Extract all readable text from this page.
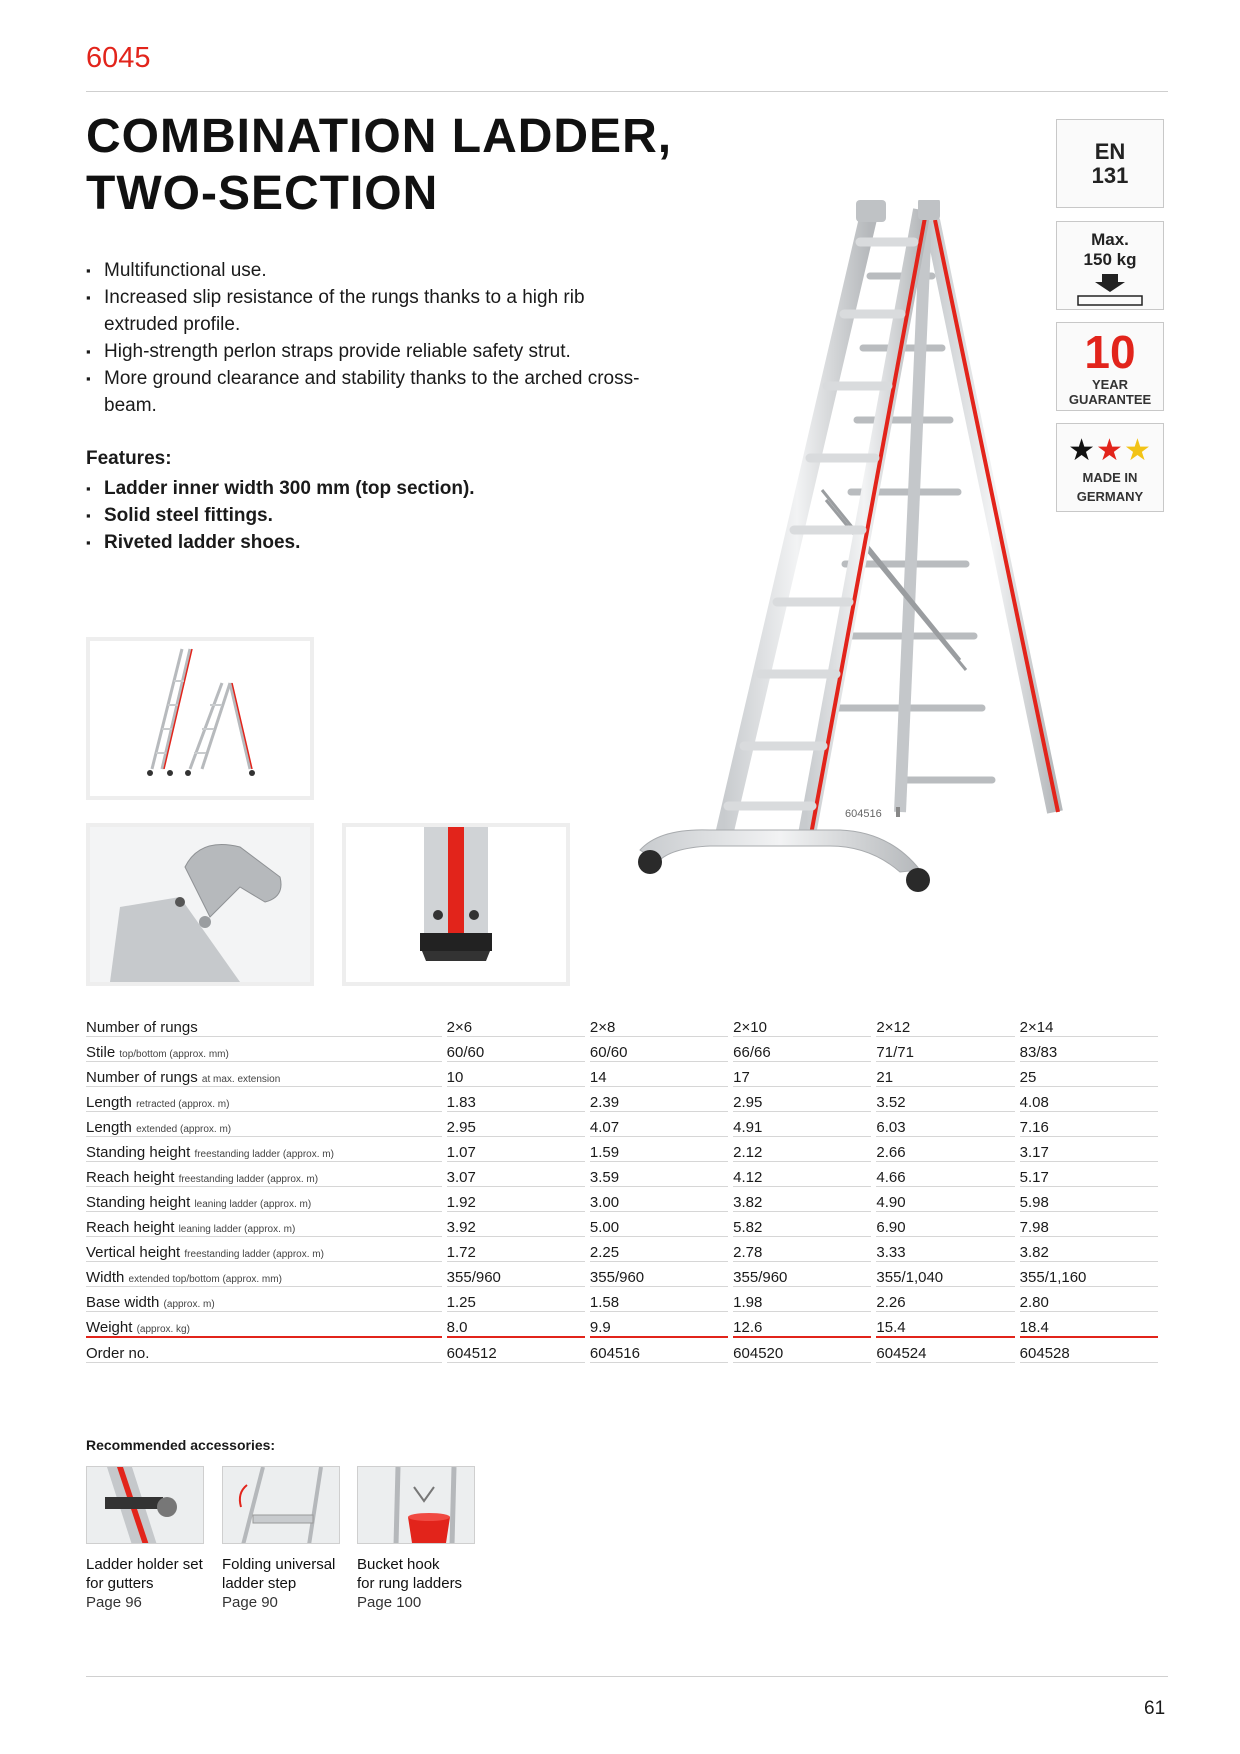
6045
COMBINATION LADDER,
TWO-SECTION
▪ Multifunctional use.
▪ Increased slip resistance of the rungs thanks to a high rib extruded profile.
▪ High-strength perlon straps provide reliable safety strut.
▪ More ground clearance and stability thanks to the arched cross-beam.
Features:
▪ Ladder inner width 300 mm (top section).
▪ Solid steel fittings.
▪ Riveted ladder shoes.
EN
131
Max.
150 kg
10
YEAR
GUARANTEE
★★★
MADE IN
GERMANY
604516
Number of rungs	2×6	2×8	2×10	2×12	2×14
Stile top/bottom (approx. mm)	60/60	60/60	66/66	71/71	83/83
Number of rungs at max. extension	10	14	17	21	25
Length retracted (approx. m)	1.83	2.39	2.95	3.52	4.08
Length extended (approx. m)	2.95	4.07	4.91	6.03	7.16
Standing height freestanding ladder (approx. m)	1.07	1.59	2.12	2.66	3.17
Reach height freestanding ladder (approx. m)	3.07	3.59	4.12	4.66	5.17
Standing height leaning ladder (approx. m)	1.92	3.00	3.82	4.90	5.98
Reach height leaning ladder (approx. m)	3.92	5.00	5.82	6.90	7.98
Vertical height freestanding ladder (approx. m)	1.72	2.25	2.78	3.33	3.82
Width extended top/bottom (approx. mm)	355/960	355/960	355/960	355/1,040	355/1,160
Base width (approx. m)	1.25	1.58	1.98	2.26	2.80
Weight (approx. kg)	8.0	9.9	12.6	15.4	18.4
Order no.	604512	604516	604520	604524	604528
Recommended accessories:
Ladder holder set
for gutters
Page 96
Folding universal
ladder step
Page 90
Bucket hook
for rung ladders
Page 100
61
